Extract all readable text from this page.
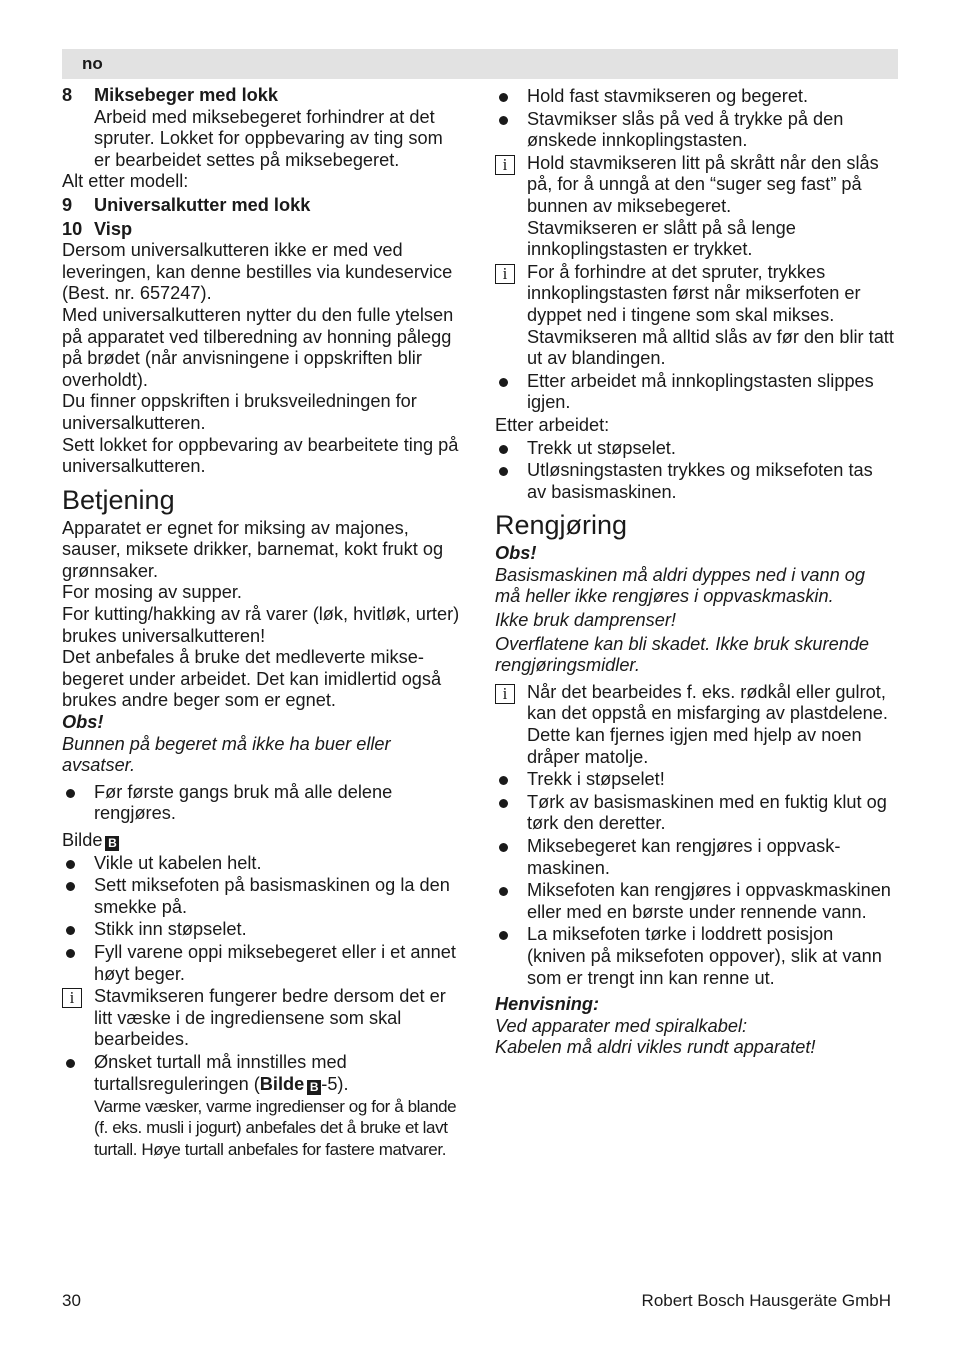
no
8	Miksebeger med lokk

Arbeid med miksebegeret forhindrer at det spruter. Lokket for oppbevaring av ting som er bearbeidet settes på miksebegeret.

Alt etter modell:

9	Universalkutter med lokk
10 Visp

Dersom universalkutteren ikke er med ved leveringen, kan denne bestilles via kundeservice (Best. nr. 657247).

Med universalkutteren nytter du den fulle ytelsen på apparatet ved tilberedning av honning pålegg på brødet (når anvisningene i oppskriften blir overholdt).

Du finner oppskriften i bruksveiledningen for universalkutteren.

Sett lokket for oppbevaring av bearbeitete ting på universalkutteren.

Betjening

Apparatet er egnet for miksing av majones, sauser, miksete drikker, barnemat, kokt frukt og grønnsaker.

For mosing av supper.

For kutting/hakking av rå varer (løk, hvitløk, urter) brukes universalkutteren!

Det anbefales å bruke det medleverte miksebegeret under arbeidet. Det kan imidlertid også brukes andre beger som er egnet.

Obs!

Bunnen på begeret må ikke ha buer eller avsatser.

Før første gangs bruk må alle delene rengjøres.

Bilde B

Vikle ut kabelen helt.
Sett miksefoten på basismaskinen og la den smekke på.
Stikk inn støpselet.
Fyll varene oppi miksebegeret eller i et annet høyt beger.
i	Stavmikseren fungerer bedre dersom det er litt væske i de ingrediensene som skal bearbeides.
Ønsket turtall må innstilles med turtallsreguleringen (Bilde B -5).

Varme væsker, varme ingredienser og for å blande (f. eks. musli i jogurt) anbefales det å bruke et lavt turtall. Høye turtall anbefales for fastere matvarer.

Hold fast stavmikseren og begeret.
Stavmikser slås på ved å trykke på den ønskede innkoplingstasten.
i	Hold stavmikseren litt på skrått når den slås på, for å unngå at den “suger seg fast” på bunnen av miksebegeret.

Stavmikseren er slått på så lenge innkoplingstasten er trykket.

i	For å forhindre at det spruter, trykkes innkoplingstasten først når mikserfoten er dyppet ned i tingene som skal mikses.

Stavmikseren må alltid slås av før den blir tatt ut av blandingen.

Etter arbeidet må innkoplingstasten slippes igjen.

Etter arbeidet:

Trekk ut støpselet.
Utløsningstasten trykkes og miksefoten tas av basismaskinen.
Rengjøring

Obs!

Basismaskinen må aldri dyppes ned i vann og må heller ikke rengjøres i oppvaskmaskin.

Ikke bruk damprenser!

Overflatene kan bli skadet. Ikke bruk skurende rengjøringsmidler.

i	Når det bearbeides f. eks. rødkål eller gulrot, kan det oppstå en misfarging av plastdelene. Dette kan fjernes igjen med hjelp av noen dråper matolje.
Trekk i støpselet!
Tørk av basismaskinen med en fuktig klut og tørk den deretter.
Miksebegeret kan rengjøres i oppvaskmaskinen.
Miksefoten kan rengjøres i oppvaskmaskinen eller med en børste under rennende vann.
La miksefoten tørke i loddrett posisjon (kniven på miksefoten oppover), slik at vann som er trengt inn kan renne ut.

Henvisning:

Ved apparater med spiralkabel:

Kabelen må aldri vikles rundt apparatet!

30	Robert Bosch Hausgeräte GmbH
